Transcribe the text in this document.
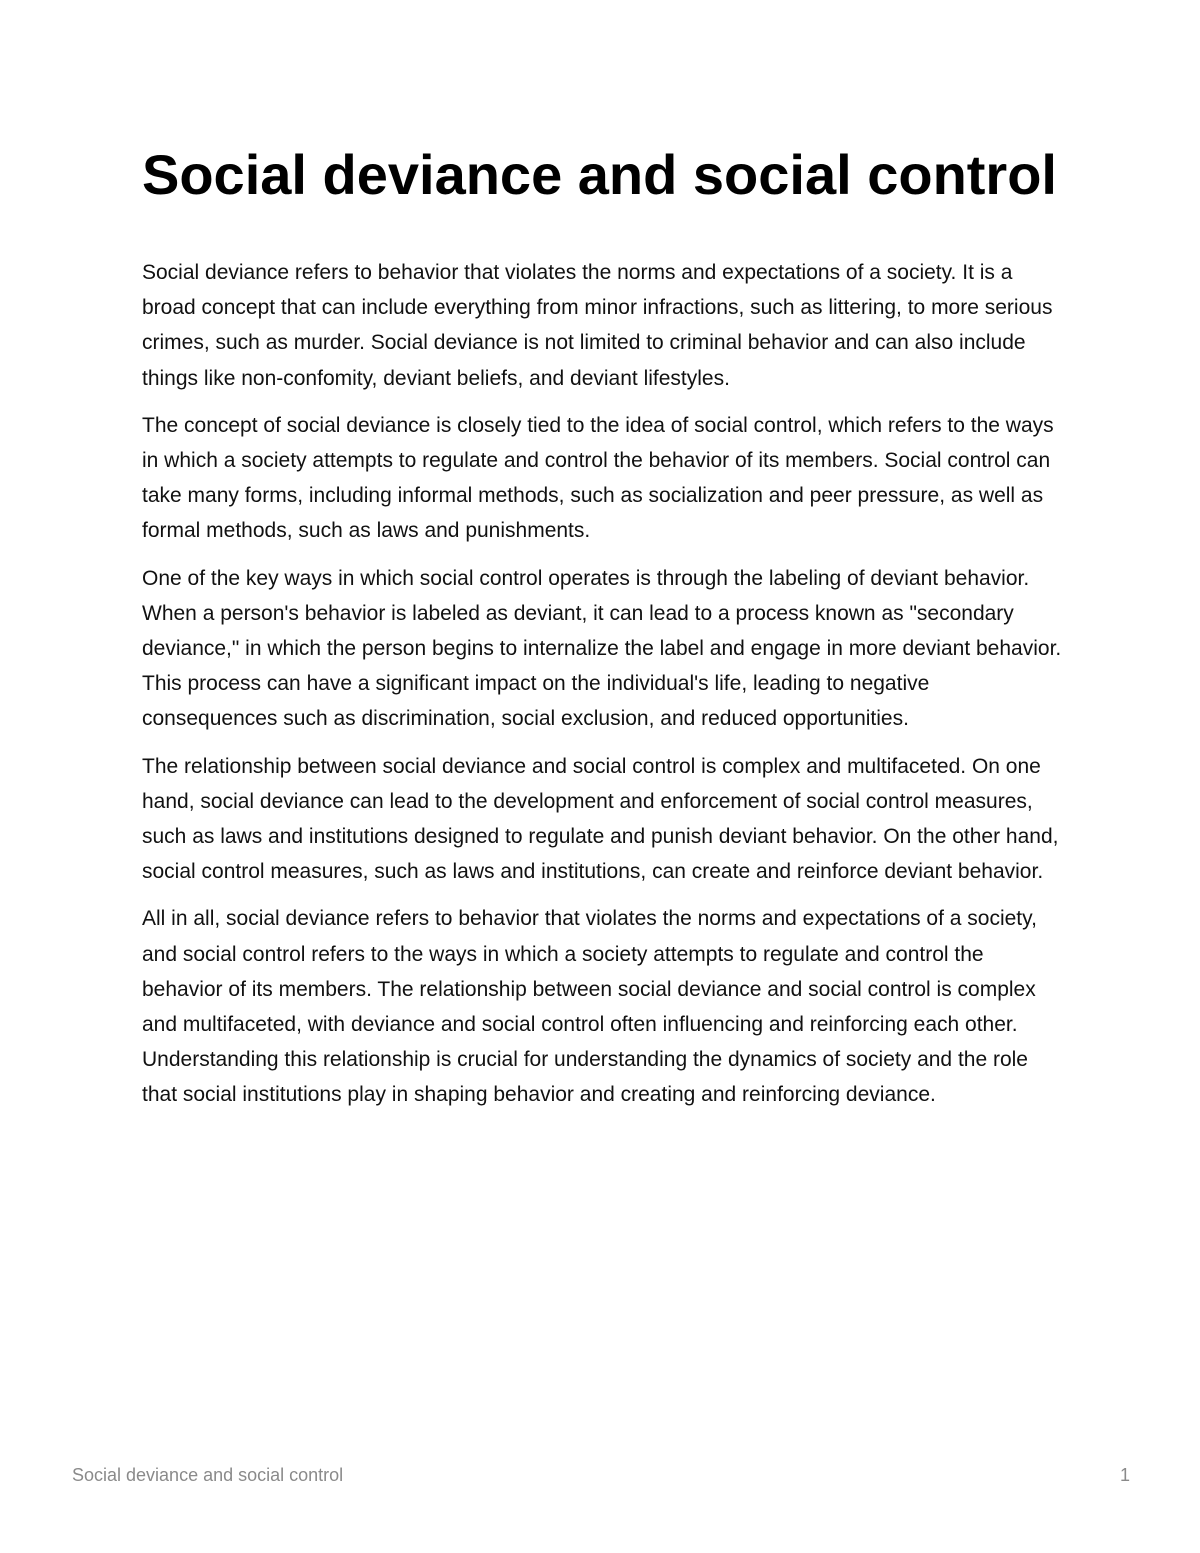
Social deviance and social control

Social deviance refers to behavior that violates the norms and expectations of a society. It is a broad concept that can include everything from minor infractions, such as littering, to more serious crimes, such as murder. Social deviance is not limited to criminal behavior and can also include things like non-confomity, deviant beliefs, and deviant lifestyles.

The concept of social deviance is closely tied to the idea of social control, which refers to the ways in which a society attempts to regulate and control the behavior of its members. Social control can take many forms, including informal methods, such as socialization and peer pressure, as well as formal methods, such as laws and punishments.

One of the key ways in which social control operates is through the labeling of deviant behavior. When a person's behavior is labeled as deviant, it can lead to a process known as "secondary deviance," in which the person begins to internalize the label and engage in more deviant behavior. This process can have a significant impact on the individual's life, leading to negative consequences such as discrimination, social exclusion, and reduced opportunities.

The relationship between social deviance and social control is complex and multifaceted. On one hand, social deviance can lead to the development and enforcement of social control measures, such as laws and institutions designed to regulate and punish deviant behavior. On the other hand, social control measures, such as laws and institutions, can create and reinforce deviant behavior.

All in all, social deviance refers to behavior that violates the norms and expectations of a society, and social control refers to the ways in which a society attempts to regulate and control the behavior of its members. The relationship between social deviance and social control is complex and multifaceted, with deviance and social control often influencing and reinforcing each other. Understanding this relationship is crucial for understanding the dynamics of society and the role that social institutions play in shaping behavior and creating and reinforcing deviance.

Social deviance and social control	1
